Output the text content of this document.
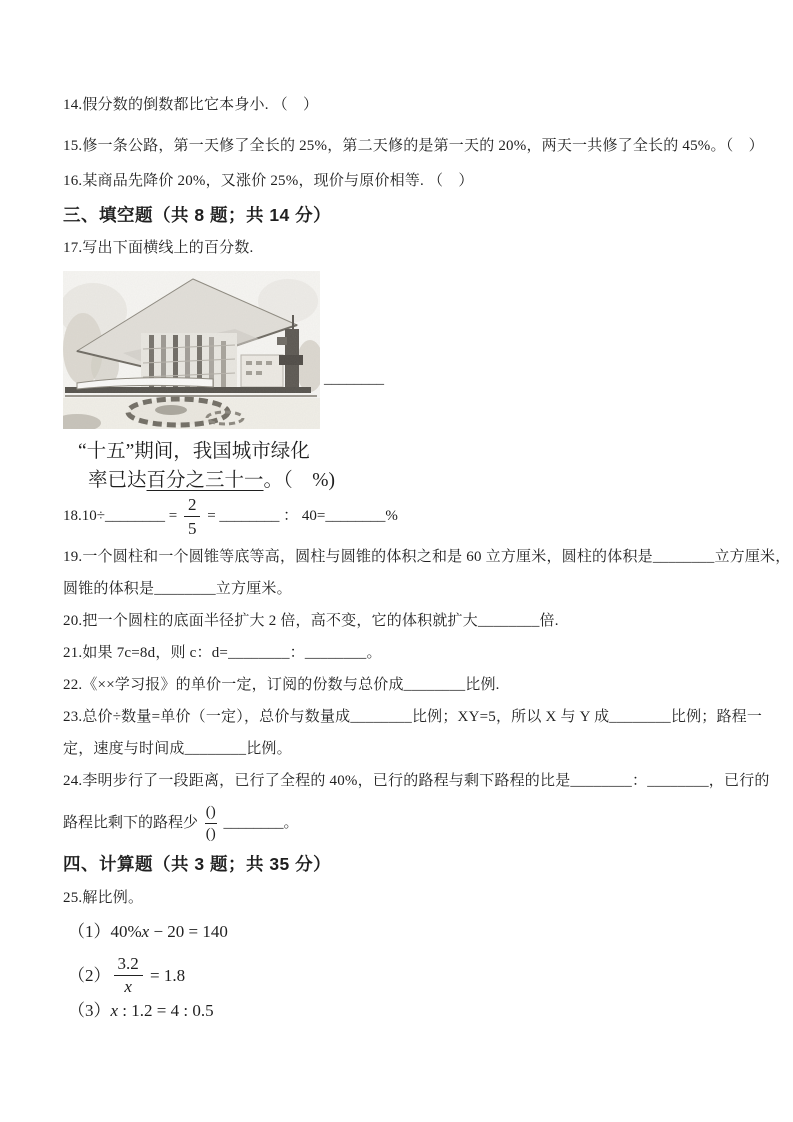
14.假分数的倒数都比它本身小. （　）
15.修一条公路，第一天修了全长的 25%，第二天修的是第一天的 20%，两天一共修了全长的 45%。（　）
16.某商品先降价 20%，又涨价 25%，现价与原价相等. （　）
三、填空题（共 8 题；共 14 分）
17.写出下面横线上的百分数.
________
“十五”期间，我国城市绿化
率已达百分之三十一。（　%)
18.10÷________ = $\frac{2}{5}$ = ________ ： 40=________%
19.一个圆柱和一个圆锥等底等高，圆柱与圆锥的体积之和是 60 立方厘米，圆柱的体积是________立方厘米，
圆锥的体积是________立方厘米。
20.把一个圆柱的底面半径扩大 2 倍，高不变，它的体积就扩大________倍.
21.如果 7c=8d，则 c：d=________：________。
22.《××学习报》的单价一定，订阅的份数与总价成________比例.
23.总价÷数量=单价（一定），总价与数量成________比例；XY=5，所以 X 与 Y 成________比例；路程一
定，速度与时间成________比例。
24.李明步行了一段距离，已行了全程的 40%，已行的路程与剩下路程的比是________：________，已行的
路程比剩下的路程少 $\frac{()}{()}$ ________。
四、计算题（共 3 题；共 35 分）
25.解比例。
（1）40%x − 20 = 140
$(2) \frac{3.2}{x} = 1.8$
（3）x : 1.2 = 4 : 0.5
